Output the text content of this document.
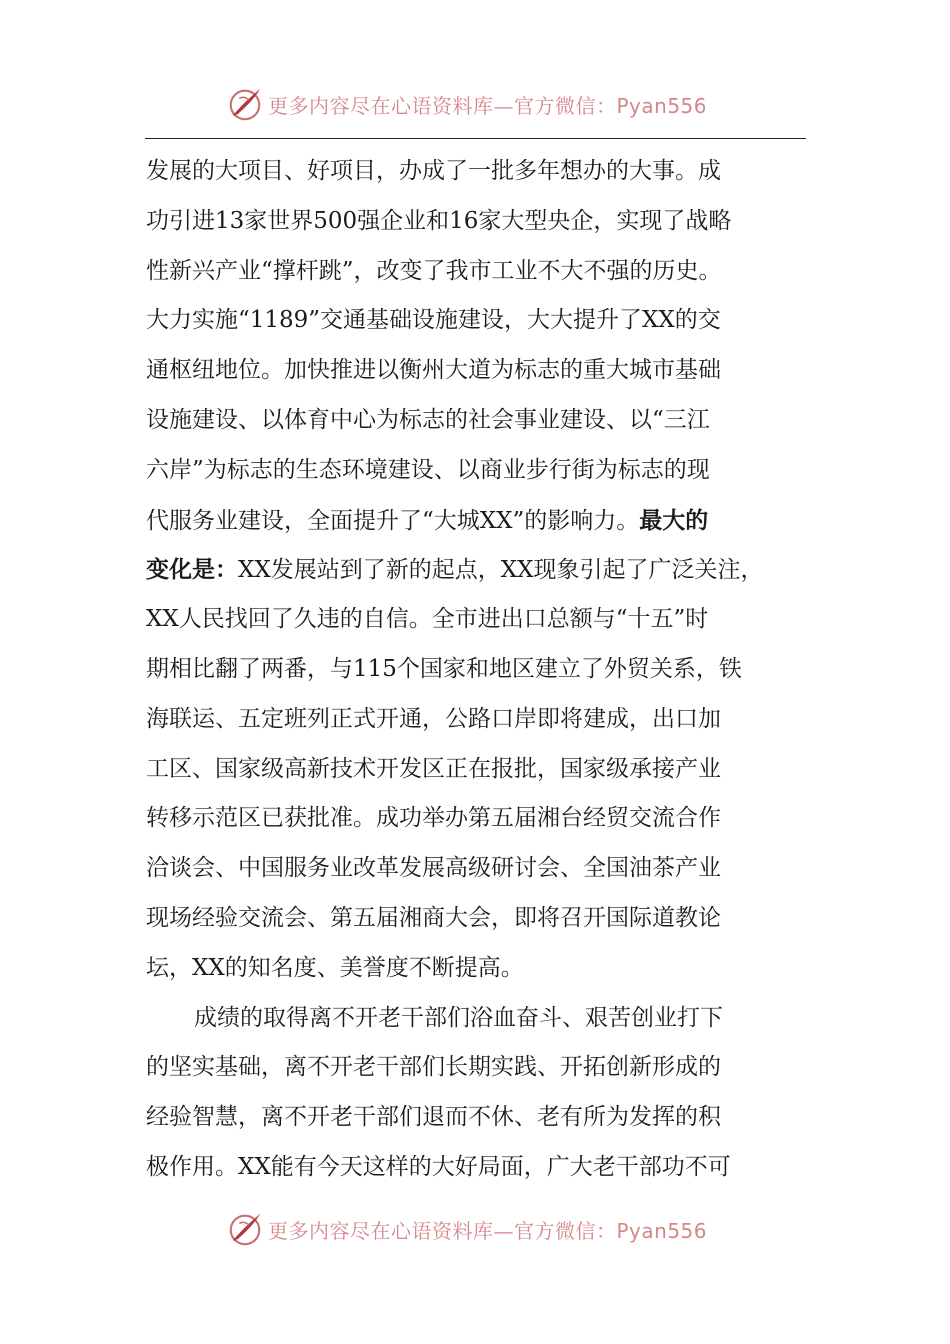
更多内容尽在心语资料库—官方微信：Pyan556
发展的大项目、好项目，办成了一批多年想办的大事。成
功引进13家世界500强企业和16家大型央企，实现了战略
性新兴产业“撑杆跳”，改变了我市工业不大不强的历史。
大力实施“1189”交通基础设施建设，大大提升了XX的交
通枢纽地位。加快推进以衡州大道为标志的重大城市基础
设施建设、以体育中心为标志的社会事业建设、以“三江
六岸”为标志的生态环境建设、以商业步行街为标志的现
代服务业建设，全面提升了“大城XX”的影响力。最大的
变化是：XX发展站到了新的起点，XX现象引起了广泛关注，
XX人民找回了久违的自信。全市进出口总额与“十五”时
期相比翻了两番，与115个国家和地区建立了外贸关系，铁
海联运、五定班列正式开通，公路口岸即将建成，出口加
工区、国家级高新技术开发区正在报批，国家级承接产业
转移示范区已获批准。成功举办第五届湘台经贸交流合作
洽谈会、中国服务业改革发展高级研讨会、全国油茶产业
现场经验交流会、第五届湘商大会，即将召开国际道教论
坛，XX的知名度、美誉度不断提高。
成绩的取得离不开老干部们浴血奋斗、艰苦创业打下
的坚实基础，离不开老干部们长期实践、开拓创新形成的
经验智慧，离不开老干部们退而不休、老有所为发挥的积
极作用。XX能有今天这样的大好局面，广大老干部功不可
更多内容尽在心语资料库—官方微信：Pyan556
